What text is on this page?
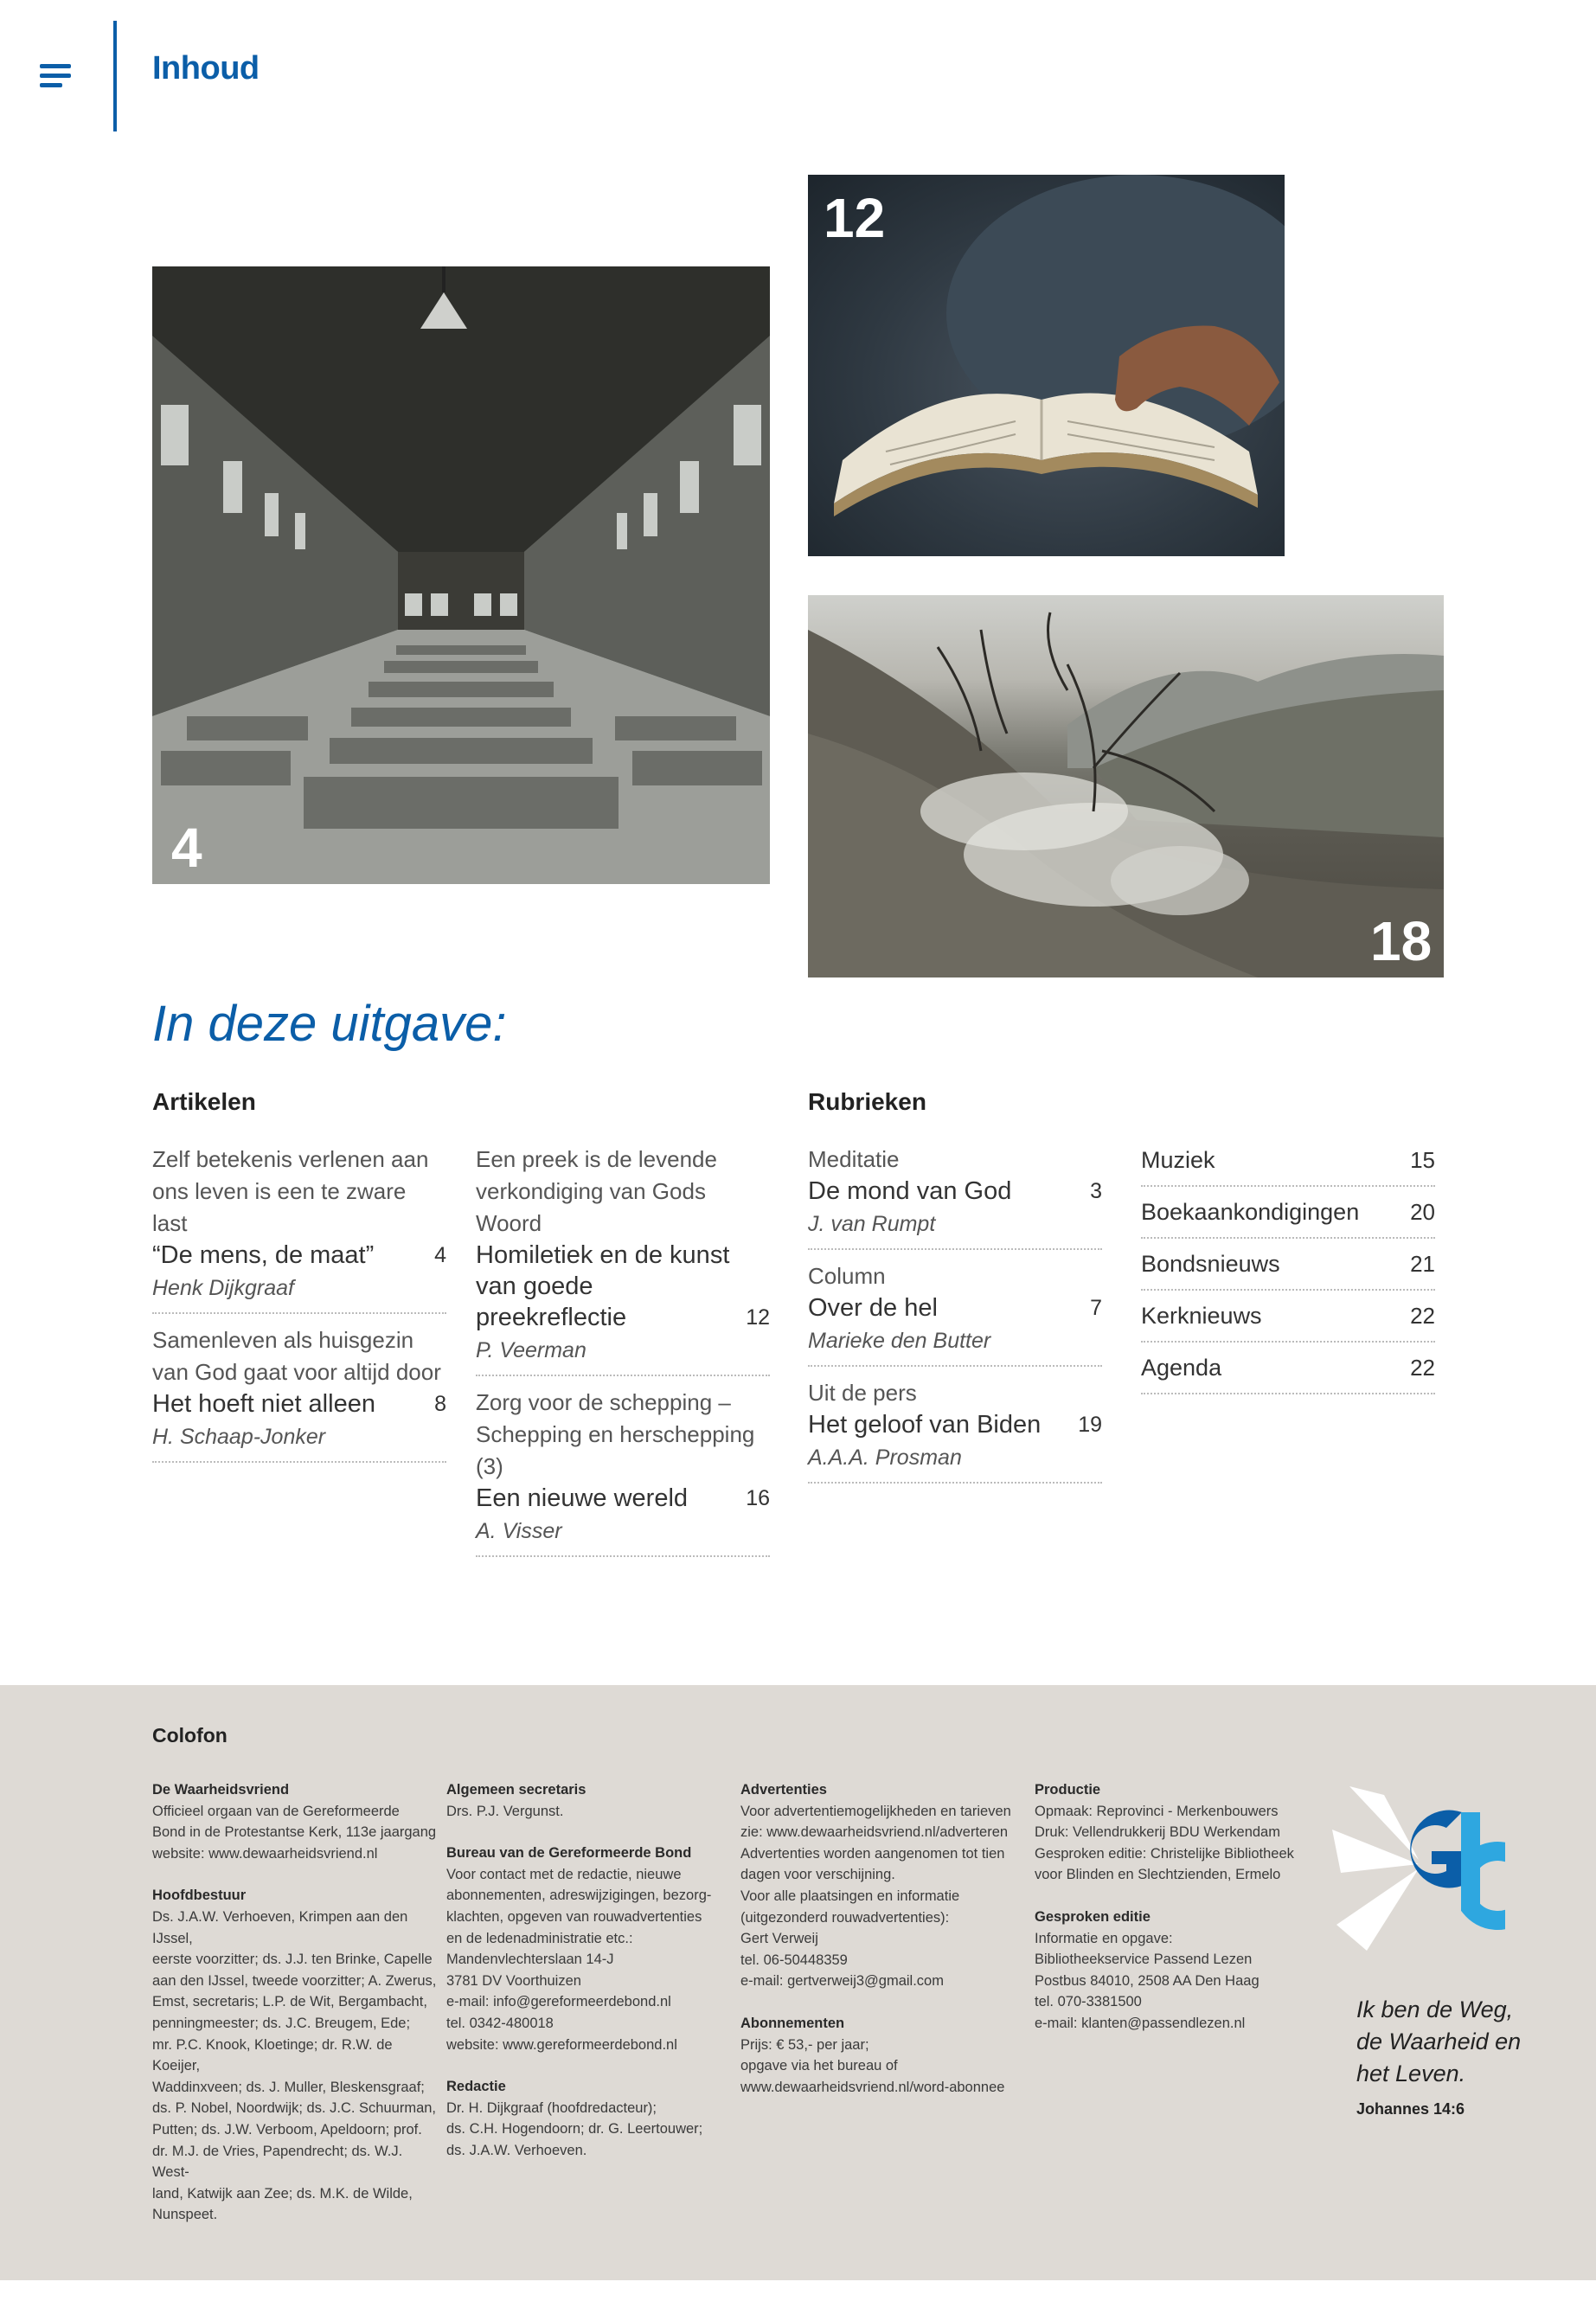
Inhoud
4
12
18
In deze uitgave:
Artikelen	Rubrieken
Zelf betekenis verlenen aan ons leven is een te zware last
“De mens, de maat”	4
Henk Dijkgraaf
Samenleven als huisgezin van God gaat voor altijd door
Het hoeft niet alleen	8
H. Schaap-Jonker
Een preek is de levende verkondiging van Gods Woord
Homiletiek en de kunst van goede preekreflectie	12
P. Veerman
Zorg voor de schepping – Schepping en herschepping (3)
Een nieuwe wereld	16
A. Visser
Meditatie
De mond van God	3
J. van Rumpt
Column
Over de hel	7
Marieke den Butter
Uit de pers
Het geloof van Biden	19
A.A.A. Prosman
Muziek	15
Boekaankondigingen 20
Bondsnieuws	21
Kerknieuws	22
Agenda	22
Colofon
De Waarheidsvriend
Officieel orgaan van de Gereformeerde
Bond in de Protestantse Kerk, 113e jaargang
website: www.dewaarheidsvriend.nl
Hoofdbestuur
Ds. J.A.W. Verhoeven, Krimpen aan den IJssel,
eerste voorzitter; ds. J.J. ten Brinke, Capelle
aan den IJssel, tweede voorzitter; A. Zwerus,
Emst, secretaris; L.P. de Wit, Bergambacht,
penningmeester; ds. J.C. Breugem, Ede;
mr. P.C. Knook, Kloetinge; dr. R.W. de Koeijer,
Waddinxveen; ds. J. Muller, Bleskensgraaf;
ds. P. Nobel, Noordwijk; ds. J.C. Schuurman,
Putten; ds. J.W. Verboom, Apeldoorn; prof.
dr. M.J. de Vries, Papendrecht; ds. W.J. West-
land, Katwijk aan Zee; ds. M.K. de Wilde,
Nunspeet.
Algemeen secretaris
Drs. P.J. Vergunst.
Bureau van de Gereformeerde Bond
Voor contact met de redactie, nieuwe
abonnementen, adreswijzigingen, bezorg-
klachten, opgeven van rouwadvertenties
en de ledenadministratie etc.:
Mandenvlechterslaan 14-J
3781 DV Voorthuizen
e-mail: info@gereformeerdebond.nl
tel. 0342-480018
website: www.gereformeerdebond.nl
Redactie
Dr. H. Dijkgraaf (hoofdredacteur);
ds. C.H. Hogendoorn; dr. G. Leertouwer;
ds. J.A.W. Verhoeven.
Advertenties
Voor advertentiemogelijkheden en tarieven
zie: www.dewaarheidsvriend.nl/adverteren
Advertenties worden aangenomen tot tien
dagen voor verschijning.
Voor alle plaatsingen en informatie
(uitgezonderd rouwadvertenties):
Gert Verweij
tel. 06-50448359
e-mail: gertverweij3@gmail.com
Abonnementen
Prijs: € 53,- per jaar;
opgave via het bureau of
www.dewaarheidsvriend.nl/word-abonnee
Productie
Opmaak: Reprovinci - Merkenbouwers
Druk: Vellendrukkerij BDU Werkendam
Gesproken editie: Christelijke Bibliotheek
voor Blinden en Slechtzienden, Ermelo
Gesproken editie
Informatie en opgave:
Bibliotheekservice Passend Lezen
Postbus 84010, 2508 AA Den Haag
tel. 070-3381500
e-mail: klanten@passendlezen.nl
Ik ben de Weg,
de Waarheid en
het Leven.
Johannes 14:6
